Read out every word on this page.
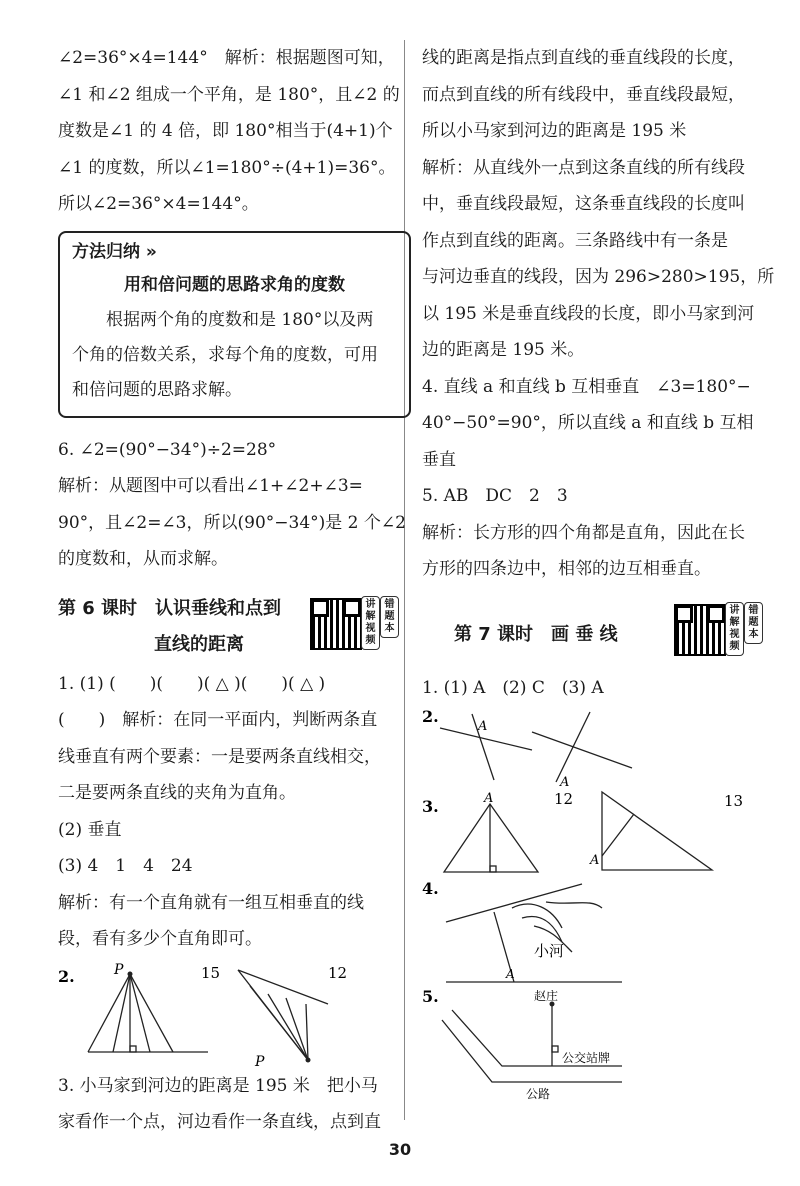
∠2=36°×4=144°　解析：根据题图可知，

∠1 和∠2 组成一个平角，是 180°，且∠2 的

度数是∠1 的 4 倍，即 180°相当于(4+1)个

∠1 的度数，所以∠1=180°÷(4+1)=36°。

所以∠2=36°×4=144°。

方法归纳 »
用和倍问题的思路求角的度数

　　根据两个角的度数和是 180°以及两

个角的倍数关系，求每个角的度数，可用

和倍问题的思路求解。

6. ∠2=(90°−34°)÷2=28°

解析：从题图中可以看出∠1+∠2+∠3=

90°，且∠2=∠3，所以(90°−34°)是 2 个∠2

的度数和，从而求解。

第 6 课时　认识垂线和点到
直线的距离
讲解视频
错题本

1. (1) (　　)(　　)( △ )(　　)( △ )

(　　)　解析：在同一平面内，判断两条直

线垂直有两个要素：一是要两条直线相交，

二是要两条直线的夹角为直角。

(2) 垂直

(3) 4　1　4　24

解析：有一个直角就有一组互相垂直的线

段，看有多少个直角即可。

2.	P
P
15	12

3. 小马家到河边的距离是 195 米　把小马

家看作一个点，河边看作一条直线，点到直

线的距离是指点到直线的垂直线段的长度，

而点到直线的所有线段中，垂直线段最短，

所以小马家到河边的距离是 195 米

解析：从直线外一点到这条直线的所有线段

中，垂直线段最短，这条垂直线段的长度叫

作点到直线的距离。三条路线中有一条是

与河边垂直的线段，因为 296>280>195，所

以 195 米是垂直线段的长度，即小马家到河

边的距离是 195 米。

4. 直线 a 和直线 b 互相垂直　∠3=180°−

40°−50°=90°，所以直线 a 和直线 b 互相

垂直

5. AB　DC　2　3

解析：长方形的四个角都是直角，因此在长

方形的四条边中，相邻的边互相垂直。

第 7 课时　画 垂 线
讲解视频
错题本

1. (1) A　(2) C　(3) A

2.
A
A
3.	A
A
12	13
4.
小河
A
5.	赵庄
公交站牌
公路
30
